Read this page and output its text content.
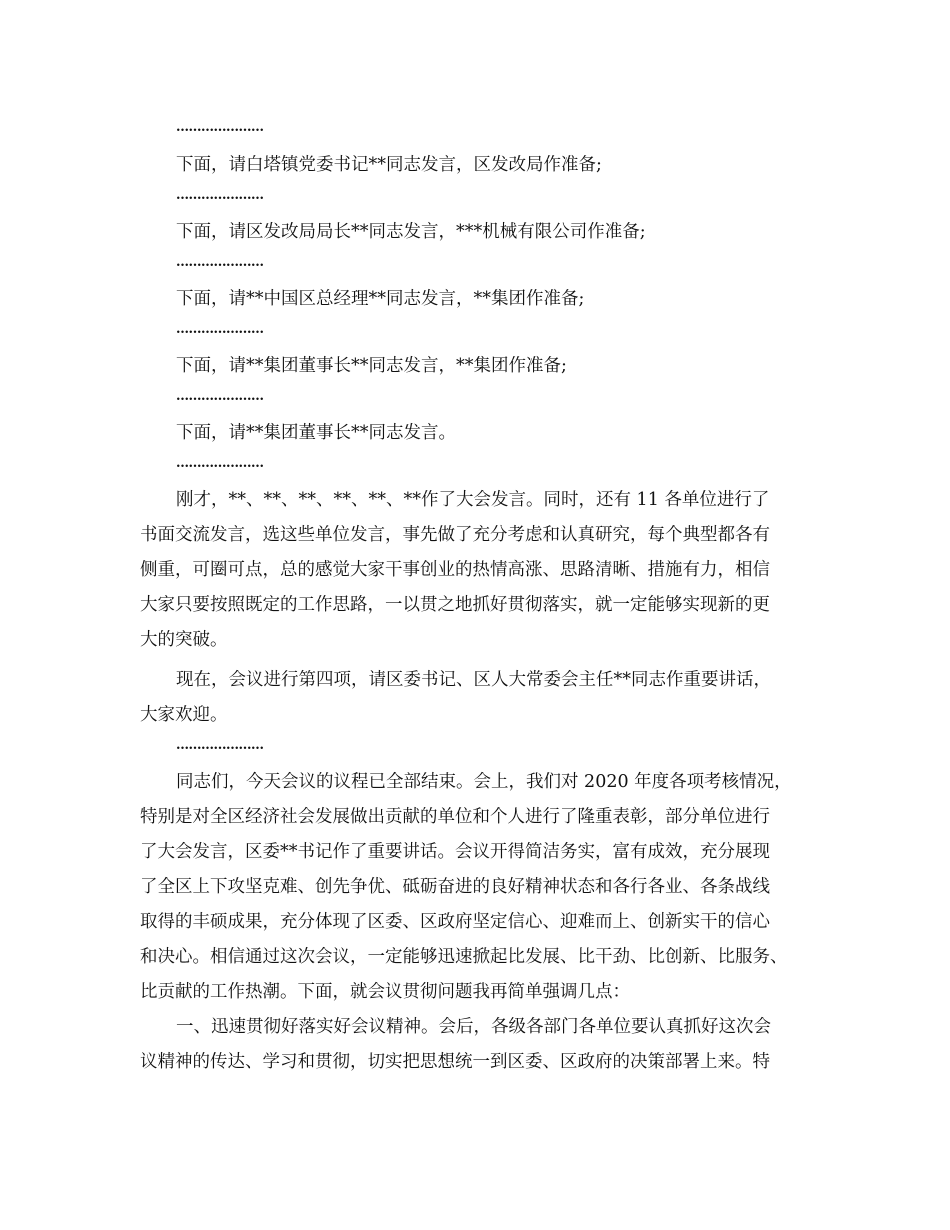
…………………
下面，请白塔镇党委书记**同志发言，区发改局作准备;
…………………
下面，请区发改局局长**同志发言，***机械有限公司作准备;
…………………
下面，请**中国区总经理**同志发言，**集团作准备;
…………………
下面，请**集团董事长**同志发言，**集团作准备;
…………………
下面，请**集团董事长**同志发言。
…………………
刚才，**、**、**、**、**、**作了大会发言。同时，还有 11 各单位进行了
书面交流发言，选这些单位发言，事先做了充分考虑和认真研究，每个典型都各有
侧重，可圈可点，总的感觉大家干事创业的热情高涨、思路清晰、措施有力，相信
大家只要按照既定的工作思路，一以贯之地抓好贯彻落实，就一定能够实现新的更
大的突破。
现在，会议进行第四项，请区委书记、区人大常委会主任**同志作重要讲话，
大家欢迎。
…………………
同志们，今天会议的议程已全部结束。会上，我们对 2020 年度各项考核情况，
特别是对全区经济社会发展做出贡献的单位和个人进行了隆重表彰，部分单位进行
了大会发言，区委**书记作了重要讲话。会议开得简洁务实，富有成效，充分展现
了全区上下攻坚克难、创先争优、砥砺奋进的良好精神状态和各行各业、各条战线
取得的丰硕成果，充分体现了区委、区政府坚定信心、迎难而上、创新实干的信心
和决心。相信通过这次会议，一定能够迅速掀起比发展、比干劲、比创新、比服务、
比贡献的工作热潮。下面，就会议贯彻问题我再简单强调几点：
一、迅速贯彻好落实好会议精神。会后，各级各部门各单位要认真抓好这次会
议精神的传达、学习和贯彻，切实把思想统一到区委、区政府的决策部署上来。特
